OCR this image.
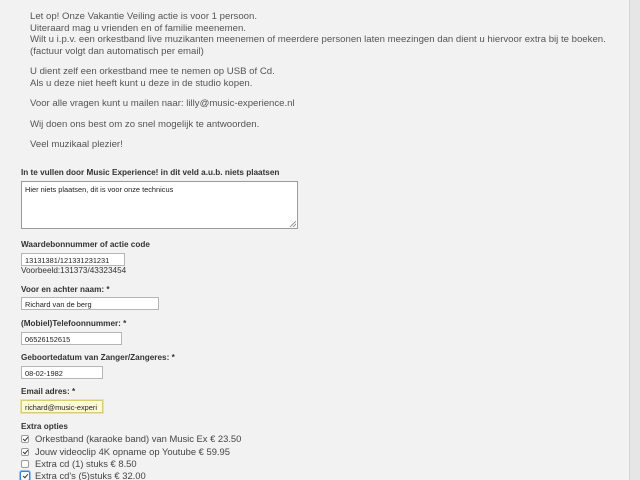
Let op! Onze Vakantie Veiling actie is voor 1 persoon.
Uiteraard mag u vrienden en of familie meenemen.
Wilt u i.p.v. een orkestband live muzikanten meenemen of meerdere personen laten meezingen dan dient u hiervoor extra bij te boeken.
(factuur volgt dan automatisch per email)

U dient zelf een orkestband mee te nemen op USB of Cd.
Als u deze niet heeft kunt u deze in de studio kopen.

Voor alle vragen kunt u mailen naar: lilly@music-experience.nl

Wij doen ons best om zo snel mogelijk te antwoorden.

Veel muzikaal plezier!

In te vullen door Music Experience! in dit veld a.u.b. niets plaatsen
Hier niets plaatsen, dit is voor onze technicus
Waardebonnummer of actie code
13131381/121331231231
Voorbeeld:131373/43323454
Voor en achter naam: *
Richard van de berg
(Mobiel)Telefoonnummer: *
06526152615
Geboortedatum van Zanger/Zangeres: *
08-02-1982
Email adres: *
richard@music-experi
Extra opties
Orkestband (karaoke band) van Music Ex € 23.50
Jouw videoclip 4K opname op Youtube € 59.95
Extra cd (1) stuks € 8.50
Extra cd's (5)stuks € 32.00
